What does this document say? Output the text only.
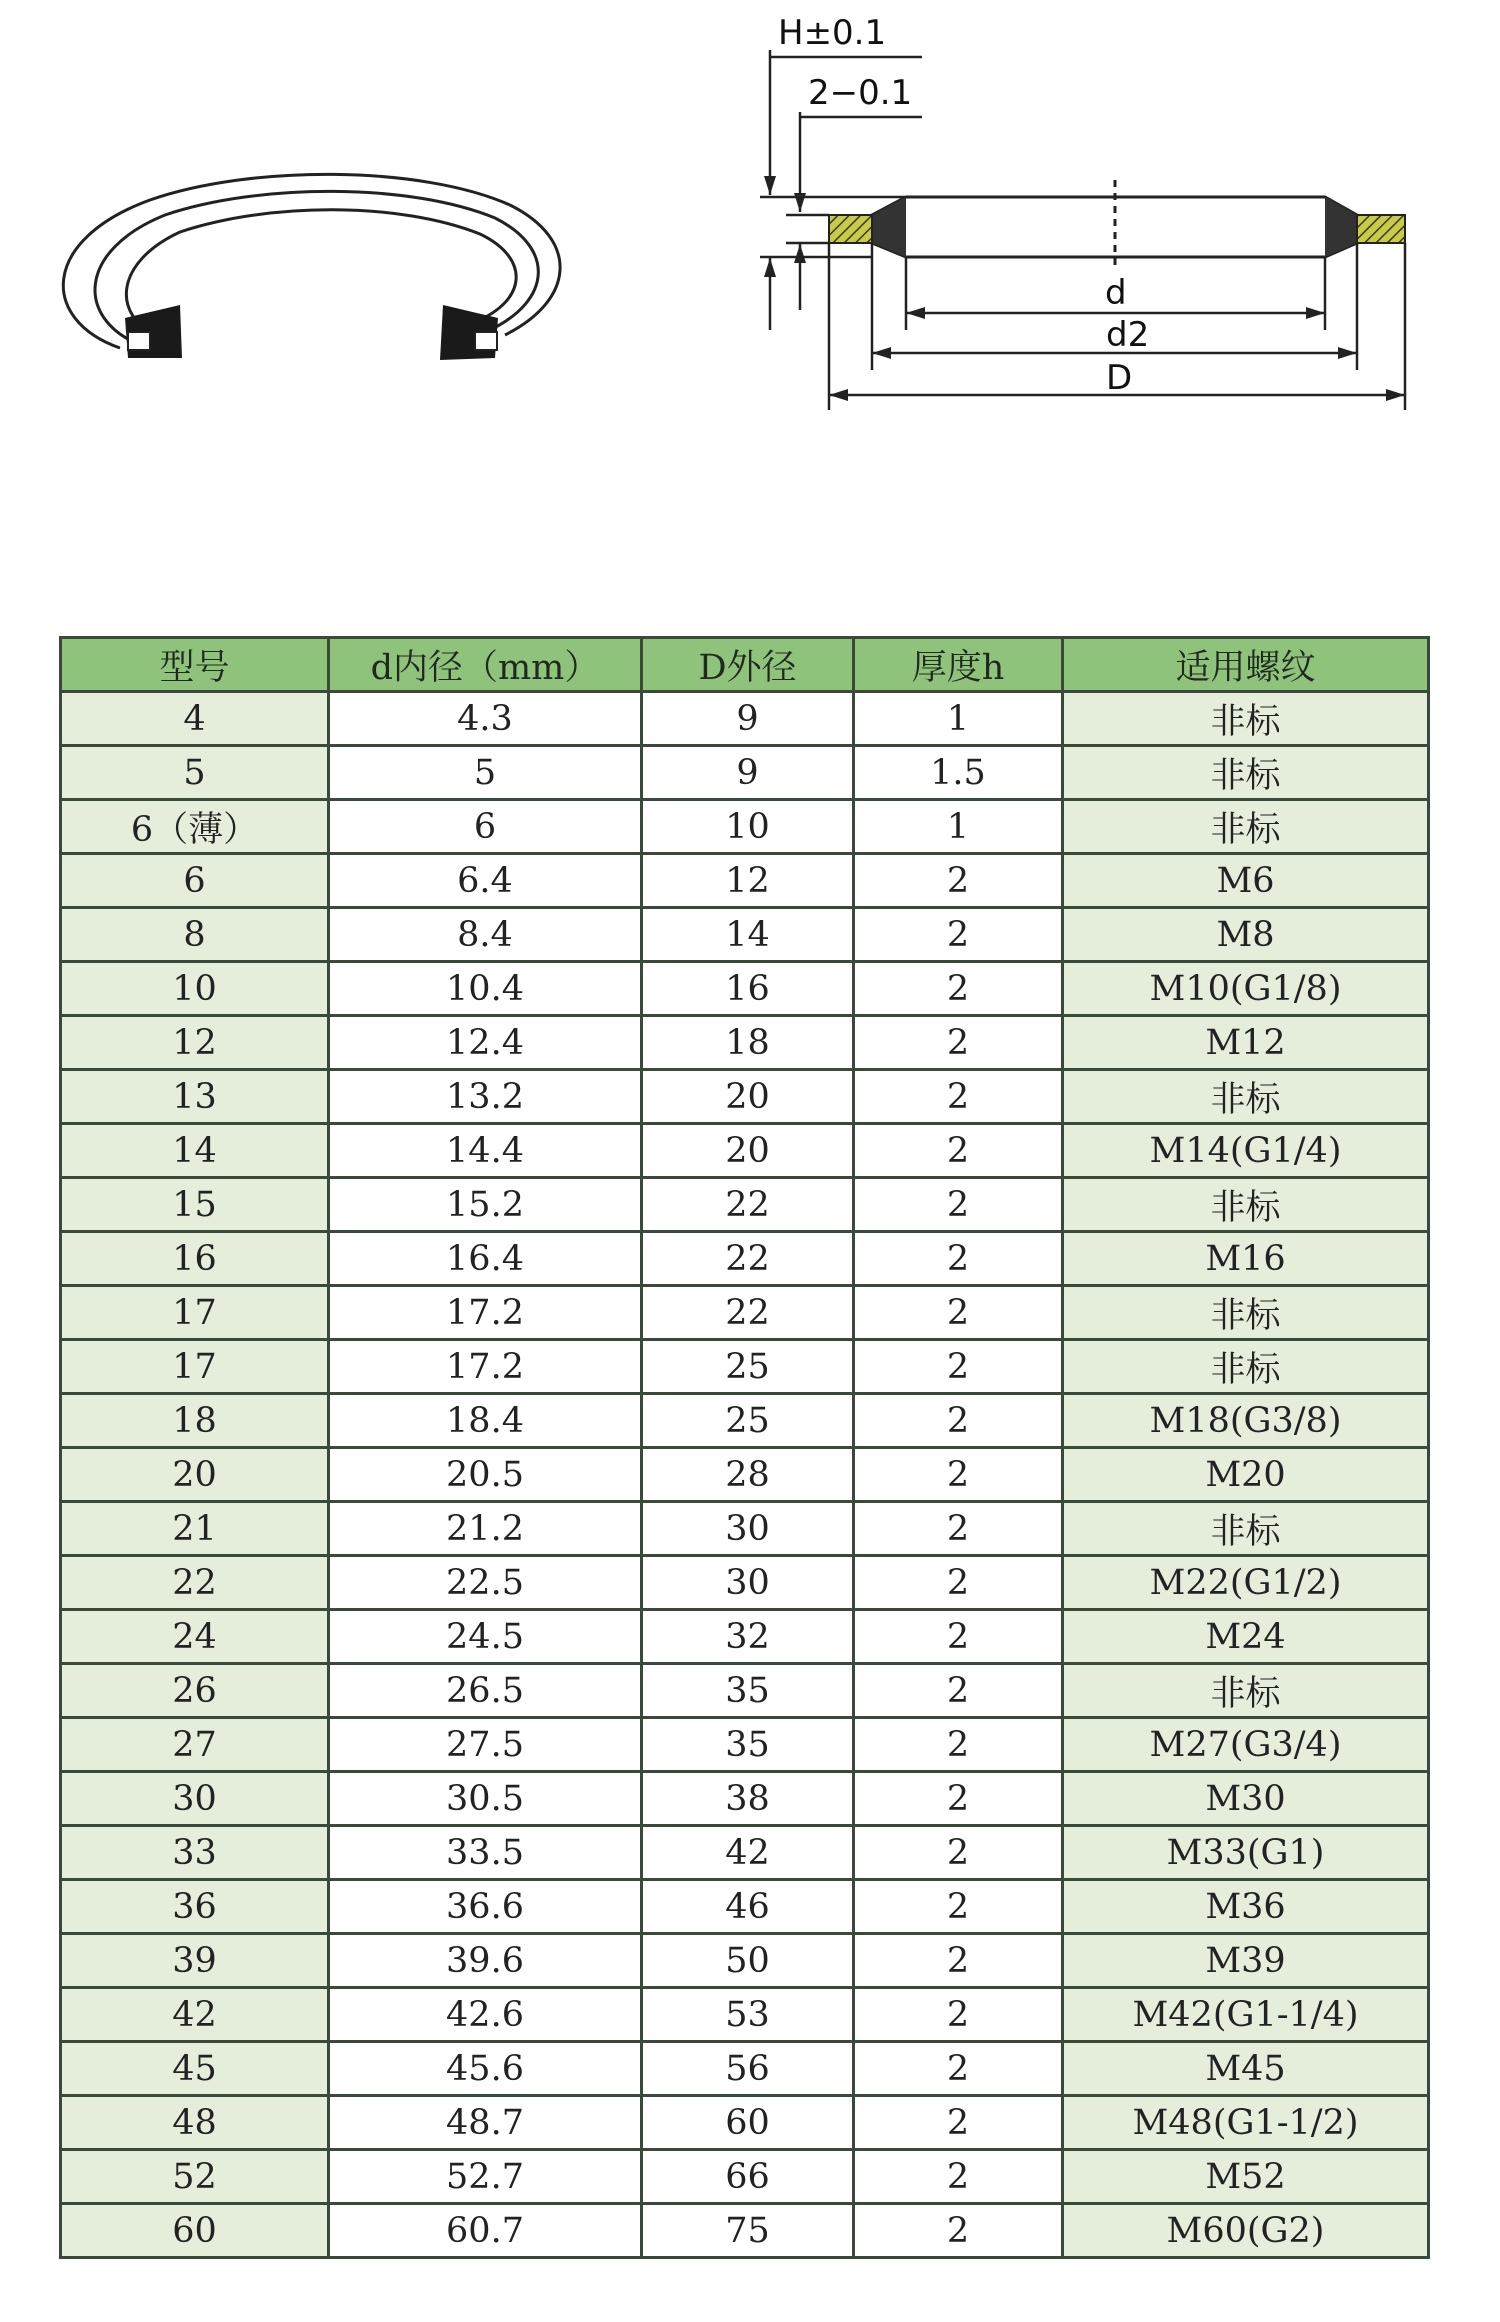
H±0.1
2−0.1
d
d2
D
型号	d内径（mm）	D外径	厚度h	适用螺纹
4	4.3	9	1	非标
5	5	9	1.5	非标
6（薄）	6	10	1	非标
6	6.4	12	2	M6
8	8.4	14	2	M8
10	10.4	16	2	M10(G1/8)
12	12.4	18	2	M12
13	13.2	20	2	非标
14	14.4	20	2	M14(G1/4)
15	15.2	22	2	非标
16	16.4	22	2	M16
17	17.2	22	2	非标
17	17.2	25	2	非标
18	18.4	25	2	M18(G3/8)
20	20.5	28	2	M20
21	21.2	30	2	非标
22	22.5	30	2	M22(G1/2)
24	24.5	32	2	M24
26	26.5	35	2	非标
27	27.5	35	2	M27(G3/4)
30	30.5	38	2	M30
33	33.5	42	2	M33(G1)
36	36.6	46	2	M36
39	39.6	50	2	M39
42	42.6	53	2	M42(G1-1/4)
45	45.6	56	2	M45
48	48.7	60	2	M48(G1-1/2)
52	52.7	66	2	M52
60	60.7	75	2	M60(G2)
